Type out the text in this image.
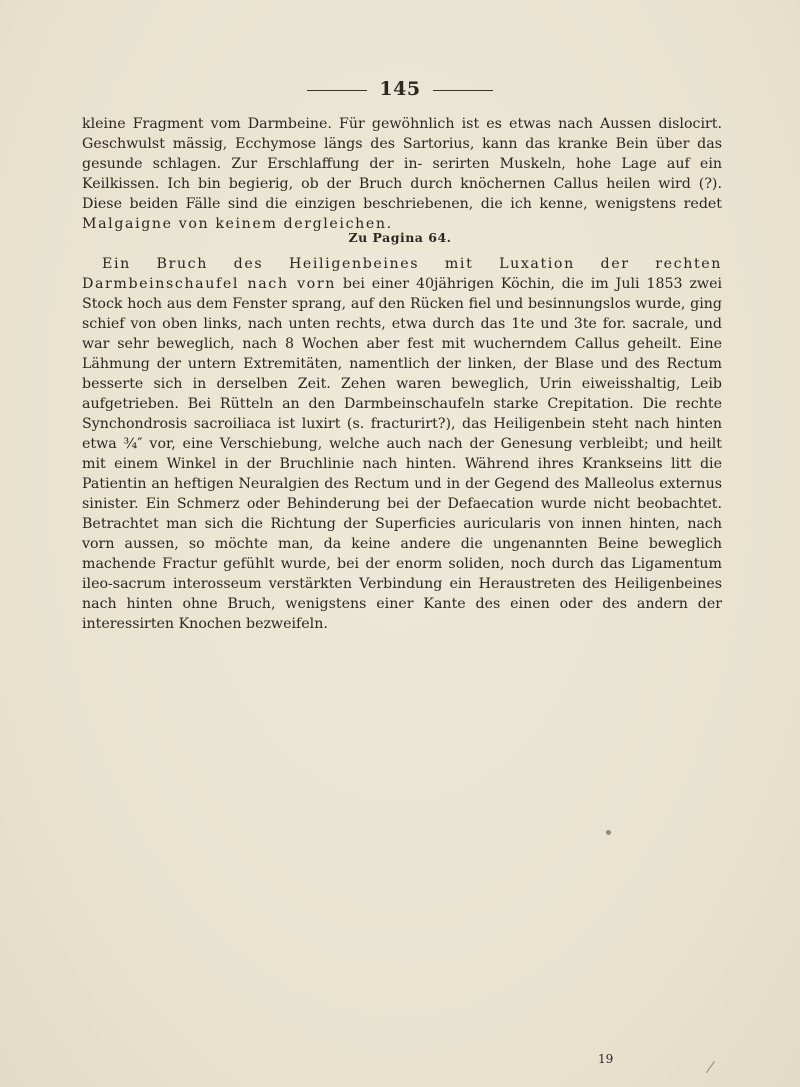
145
kleine Fragment vom Darmbeine. Für gewöhnlich ist es etwas nach Aussen dislocirt. Geschwulst mässig, Ecchymose längs des Sartorius, kann das kranke Bein über das gesunde schlagen. Zur Erschlaffung der in- serirten Muskeln, hohe Lage auf ein Keilkissen. Ich bin begierig, ob der Bruch durch knöchernen Callus heilen wird (?). Diese beiden Fälle sind die einzigen beschriebenen, die ich kenne, wenigstens redet Malgaigne von keinem dergleichen.
Zu Pagina 64.
Ein Bruch des Heiligenbeines mit Luxation der rechten Darmbeinschaufel nach vorn bei einer 40jährigen Köchin, die im Juli 1853 zwei Stock hoch aus dem Fenster sprang, auf den Rücken fiel und besinnungslos wurde, ging schief von oben links, nach unten rechts, etwa durch das 1te und 3te for. sacrale, und war sehr beweglich, nach 8 Wochen aber fest mit wucherndem Callus geheilt. Eine Lähmung der untern Extremitäten, namentlich der linken, der Blase und des Rectum besserte sich in derselben Zeit. Zehen waren beweglich, Urin eiweisshaltig, Leib aufgetrieben. Bei Rütteln an den Darmbeinschaufeln starke Crepitation. Die rechte Synchondrosis sacroiliaca ist luxirt (s. fracturirt?), das Heiligenbein steht nach hinten etwa ¾″ vor, eine Verschiebung, welche auch nach der Genesung verbleibt; und heilt mit einem Winkel in der Bruchlinie nach hinten. Während ihres Krankseins litt die Patientin an heftigen Neuralgien des Rectum und in der Gegend des Malleolus externus sinister. Ein Schmerz oder Behinderung bei der Defaecation wurde nicht beobachtet. Betrachtet man sich die Richtung der Superficies auricularis von innen hinten, nach vorn aussen, so möchte man, da keine andere die ungenannten Beine beweglich machende Fractur gefühlt wurde, bei der enorm soliden, noch durch das Ligamentum ileo-sacrum interosseum verstärkten Verbindung ein Heraustreten des Heiligenbeines nach hinten ohne Bruch, wenigstens einer Kante des einen oder des andern der interessirten Knochen bezweifeln.
19
